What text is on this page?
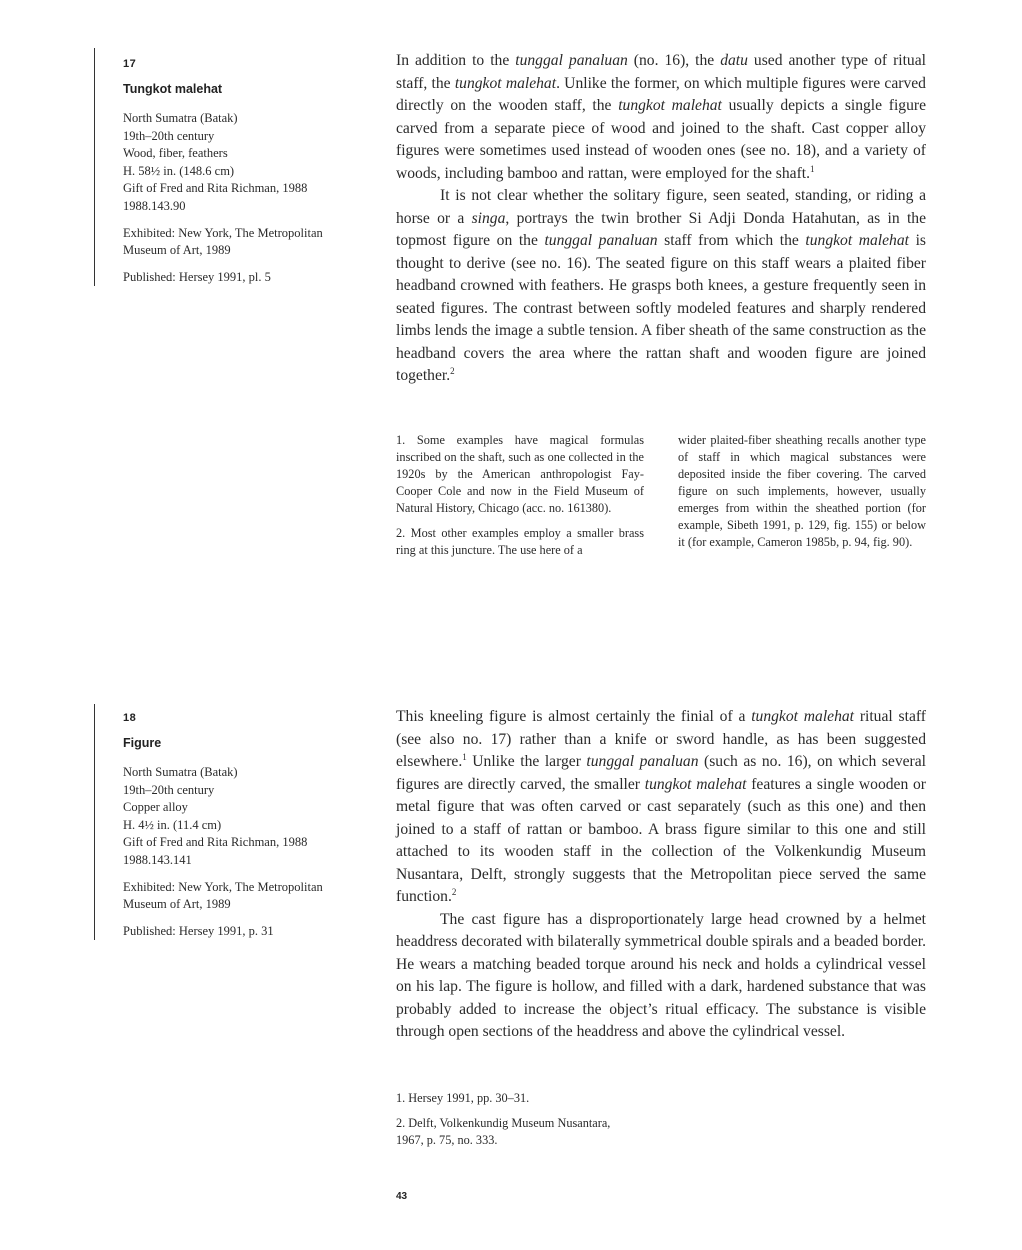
17
Tungkot malehat
North Sumatra (Batak)
19th–20th century
Wood, fiber, feathers
H. 58½ in. (148.6 cm)
Gift of Fred and Rita Richman, 1988
1988.143.90
Exhibited: New York, The Metropolitan
Museum of Art, 1989
Published: Hersey 1991, pl. 5

In addition to the tunggal panaluan (no. 16), the datu used another type of ritual staff, the tungkot malehat. Unlike the former, on which multiple figures were carved directly on the wooden staff, the tungkot malehat usually depicts a single figure carved from a separate piece of wood and joined to the shaft. Cast copper alloy figures were sometimes used instead of wooden ones (see no. 18), and a variety of woods, including bamboo and rattan, were employed for the shaft.$^1$

It is not clear whether the solitary figure, seen seated, standing, or riding a horse or a singa, portrays the twin brother Si Adji Donda Hatahutan, as in the topmost figure on the tunggal panaluan staff from which the tungkot malehat is thought to derive (see no. 16). The seated figure on this staff wears a plaited fiber headband crowned with feathers. He grasps both knees, a gesture frequently seen in seated figures. The contrast between softly modeled features and sharply rendered limbs lends the image a subtle tension. A fiber sheath of the same construction as the headband covers the area where the rattan shaft and wooden figure are joined together.$^2$

1. Some examples have magical formulas inscribed on the shaft, such as one collected in the 1920s by the American anthropologist Fay-Cooper Cole and now in the Field Museum of Natural History, Chicago (acc. no. 161380).

2. Most other examples employ a smaller brass ring at this juncture. The use here of a

wider plaited-fiber sheathing recalls another type of staff in which magical substances were deposited inside the fiber covering. The carved figure on such implements, however, usually emerges from within the sheathed portion (for example, Sibeth 1991, p. 129, fig. 155) or below it (for example, Cameron 1985b, p. 94, fig. 90).

18
Figure
North Sumatra (Batak)
19th–20th century
Copper alloy
H. 4½ in. (11.4 cm)
Gift of Fred and Rita Richman, 1988
1988.143.141
Exhibited: New York, The Metropolitan
Museum of Art, 1989
Published: Hersey 1991, p. 31

This kneeling figure is almost certainly the finial of a tungkot malehat ritual staff (see also no. 17) rather than a knife or sword handle, as has been suggested elsewhere.$^1$ Unlike the larger tunggal panaluan (such as no. 16), on which several figures are directly carved, the smaller tungkot malehat features a single wooden or metal figure that was often carved or cast separately (such as this one) and then joined to a staff of rattan or bamboo. A brass figure similar to this one and still attached to its wooden staff in the collection of the Volkenkundig Museum Nusantara, Delft, strongly suggests that the Metropolitan piece served the same function.$^2$

The cast figure has a disproportionately large head crowned by a helmet headdress decorated with bilaterally symmetrical double spirals and a beaded border. He wears a matching beaded torque around his neck and holds a cylindrical vessel on his lap. The figure is hollow, and filled with a dark, hardened substance that was probably added to increase the object’s ritual efficacy. The substance is visible through open sections of the headdress and above the cylindrical vessel.

1. Hersey 1991, pp. 30–31.

2. Delft, Volkenkundig Museum Nusantara,
1967, p. 75, no. 333.

43
